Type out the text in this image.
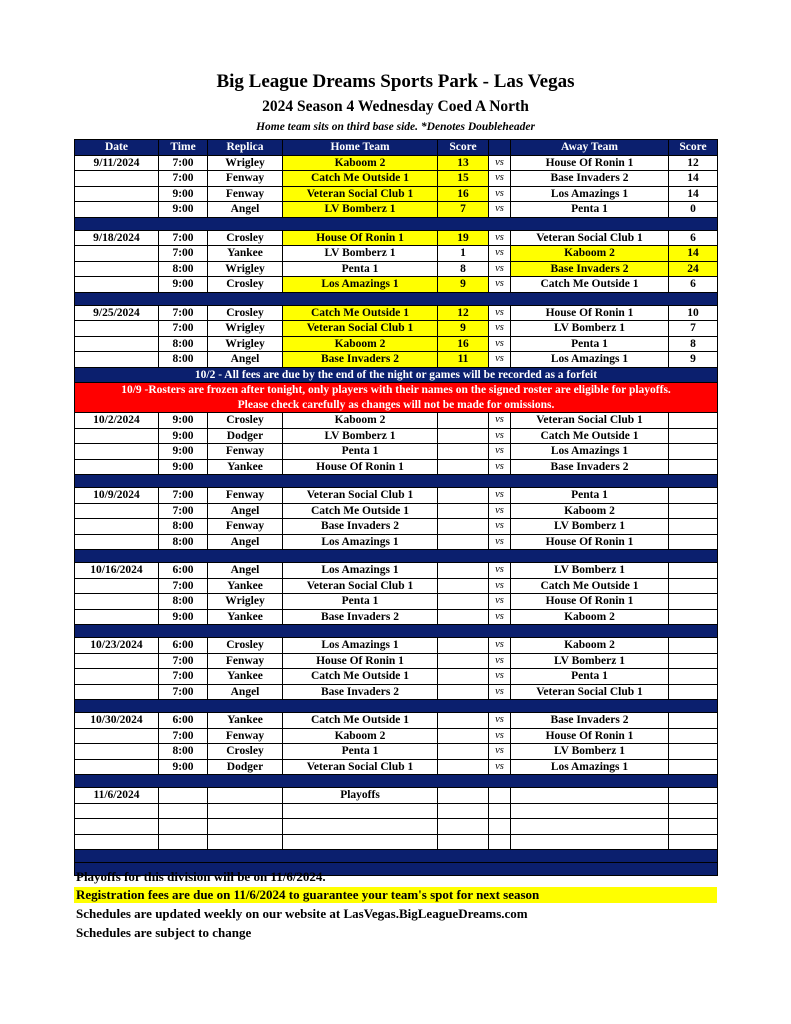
Big League Dreams Sports Park - Las Vegas
2024 Season 4 Wednesday Coed A North
Home team sits on third base side. *Denotes Doubleheader
Date	Time	Replica	Home Team	Score		Away Team	Score
9/11/2024	7:00	Wrigley	Kaboom 2	13	vs	House Of Ronin 1	12
	7:00	Fenway	Catch Me Outside 1	15	vs	Base Invaders 2	14
	9:00	Fenway	Veteran Social Club 1	16	vs	Los Amazings 1	14
	9:00	Angel	LV Bomberz 1	7	vs	Penta 1	0

9/18/2024	7:00	Crosley	House Of Ronin 1	19	vs	Veteran Social Club 1	6
	7:00	Yankee	LV Bomberz 1	1	vs	Kaboom 2	14
	8:00	Wrigley	Penta 1	8	vs	Base Invaders 2	24
	9:00	Crosley	Los Amazings 1	9	vs	Catch Me Outside 1	6

9/25/2024	7:00	Crosley	Catch Me Outside 1	12	vs	House Of Ronin 1	10
	7:00	Wrigley	Veteran Social Club 1	9	vs	LV Bomberz 1	7
	8:00	Wrigley	Kaboom 2	16	vs	Penta 1	8
	8:00	Angel	Base Invaders 2	11	vs	Los Amazings 1	9
10/2 - All fees are due by the end of the night or games will be recorded as a forfeit							
10/9 -Rosters are frozen after tonight, only players with their names on the signed roster are eligible for playoffs.							
Please check carefully as changes will not be made for omissions.							
10/2/2024	9:00	Crosley	Kaboom 2		vs	Veteran Social Club 1	
	9:00	Dodger	LV Bomberz 1		vs	Catch Me Outside 1	
	9:00	Fenway	Penta 1		vs	Los Amazings 1	
	9:00	Yankee	House Of Ronin 1		vs	Base Invaders 2	

10/9/2024	7:00	Fenway	Veteran Social Club 1		vs	Penta 1	
	7:00	Angel	Catch Me Outside 1		vs	Kaboom 2	
	8:00	Fenway	Base Invaders 2		vs	LV Bomberz 1	
	8:00	Angel	Los Amazings 1		vs	House Of Ronin 1	

10/16/2024	6:00	Angel	Los Amazings 1		vs	LV Bomberz 1	
	7:00	Yankee	Veteran Social Club 1		vs	Catch Me Outside 1	
	8:00	Wrigley	Penta 1		vs	House Of Ronin 1	
	9:00	Yankee	Base Invaders 2		vs	Kaboom 2	

10/23/2024	6:00	Crosley	Los Amazings 1		vs	Kaboom 2	
	7:00	Fenway	House Of Ronin 1		vs	LV Bomberz 1	
	7:00	Yankee	Catch Me Outside 1		vs	Penta 1	
	7:00	Angel	Base Invaders 2		vs	Veteran Social Club 1	

10/30/2024	6:00	Yankee	Catch Me Outside 1		vs	Base Invaders 2	
	7:00	Fenway	Kaboom 2		vs	House Of Ronin 1	
	8:00	Crosley	Penta 1		vs	LV Bomberz 1	
	9:00	Dodger	Veteran Social Club 1		vs	Los Amazings 1	

11/6/2024			Playoffs				

Playoffs for this division will be on 11/6/2024.
Registration fees are due on 11/6/2024 to guarantee your team's spot for next season
Schedules are updated weekly on our website at LasVegas.BigLeagueDreams.com
Schedules are subject to change
